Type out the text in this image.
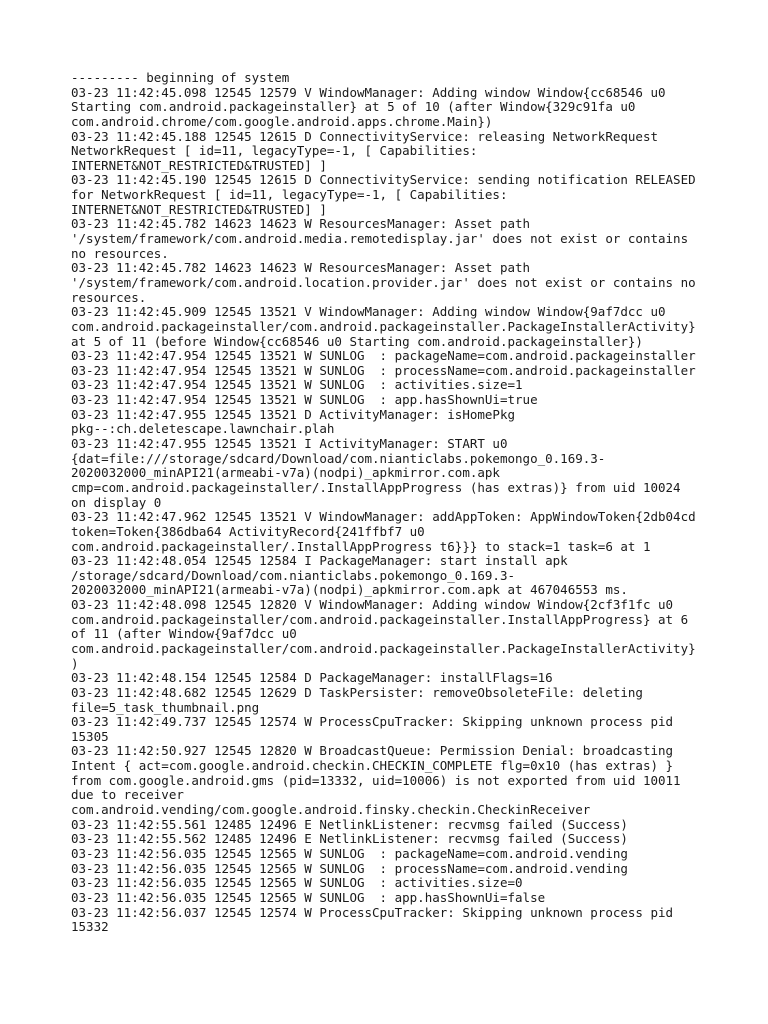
--------- beginning of system
03-23 11:42:45.098 12545 12579 V WindowManager: Adding window Window{cc68546 u0
Starting com.android.packageinstaller} at 5 of 10 (after Window{329c91fa u0
com.android.chrome/com.google.android.apps.chrome.Main})
03-23 11:42:45.188 12545 12615 D ConnectivityService: releasing NetworkRequest
NetworkRequest [ id=11, legacyType=-1, [ Capabilities:
INTERNET&NOT_RESTRICTED&TRUSTED] ]
03-23 11:42:45.190 12545 12615 D ConnectivityService: sending notification RELEASED
for NetworkRequest [ id=11, legacyType=-1, [ Capabilities:
INTERNET&NOT_RESTRICTED&TRUSTED] ]
03-23 11:42:45.782 14623 14623 W ResourcesManager: Asset path
'/system/framework/com.android.media.remotedisplay.jar' does not exist or contains
no resources.
03-23 11:42:45.782 14623 14623 W ResourcesManager: Asset path
'/system/framework/com.android.location.provider.jar' does not exist or contains no
resources.
03-23 11:42:45.909 12545 13521 V WindowManager: Adding window Window{9af7dcc u0
com.android.packageinstaller/com.android.packageinstaller.PackageInstallerActivity}
at 5 of 11 (before Window{cc68546 u0 Starting com.android.packageinstaller})
03-23 11:42:47.954 12545 13521 W SUNLOG  : packageName=com.android.packageinstaller
03-23 11:42:47.954 12545 13521 W SUNLOG  : processName=com.android.packageinstaller
03-23 11:42:47.954 12545 13521 W SUNLOG  : activities.size=1
03-23 11:42:47.954 12545 13521 W SUNLOG  : app.hasShownUi=true
03-23 11:42:47.955 12545 13521 D ActivityManager: isHomePkg
pkg--:ch.deletescape.lawnchair.plah
03-23 11:42:47.955 12545 13521 I ActivityManager: START u0
{dat=file:///storage/sdcard/Download/com.nianticlabs.pokemongo_0.169.3-
2020032000_minAPI21(armeabi-v7a)(nodpi)_apkmirror.com.apk
cmp=com.android.packageinstaller/.InstallAppProgress (has extras)} from uid 10024
on display 0
03-23 11:42:47.962 12545 13521 V WindowManager: addAppToken: AppWindowToken{2db04cd
token=Token{386dba64 ActivityRecord{241ffbf7 u0
com.android.packageinstaller/.InstallAppProgress t6}}} to stack=1 task=6 at 1
03-23 11:42:48.054 12545 12584 I PackageManager: start install apk
/storage/sdcard/Download/com.nianticlabs.pokemongo_0.169.3-
2020032000_minAPI21(armeabi-v7a)(nodpi)_apkmirror.com.apk at 467046553 ms.
03-23 11:42:48.098 12545 12820 V WindowManager: Adding window Window{2cf3f1fc u0
com.android.packageinstaller/com.android.packageinstaller.InstallAppProgress} at 6
of 11 (after Window{9af7dcc u0
com.android.packageinstaller/com.android.packageinstaller.PackageInstallerActivity}
)
03-23 11:42:48.154 12545 12584 D PackageManager: installFlags=16
03-23 11:42:48.682 12545 12629 D TaskPersister: removeObsoleteFile: deleting
file=5_task_thumbnail.png
03-23 11:42:49.737 12545 12574 W ProcessCpuTracker: Skipping unknown process pid
15305
03-23 11:42:50.927 12545 12820 W BroadcastQueue: Permission Denial: broadcasting
Intent { act=com.google.android.checkin.CHECKIN_COMPLETE flg=0x10 (has extras) }
from com.google.android.gms (pid=13332, uid=10006) is not exported from uid 10011
due to receiver
com.android.vending/com.google.android.finsky.checkin.CheckinReceiver
03-23 11:42:55.561 12485 12496 E NetlinkListener: recvmsg failed (Success)
03-23 11:42:55.562 12485 12496 E NetlinkListener: recvmsg failed (Success)
03-23 11:42:56.035 12545 12565 W SUNLOG  : packageName=com.android.vending
03-23 11:42:56.035 12545 12565 W SUNLOG  : processName=com.android.vending
03-23 11:42:56.035 12545 12565 W SUNLOG  : activities.size=0
03-23 11:42:56.035 12545 12565 W SUNLOG  : app.hasShownUi=false
03-23 11:42:56.037 12545 12574 W ProcessCpuTracker: Skipping unknown process pid
15332
